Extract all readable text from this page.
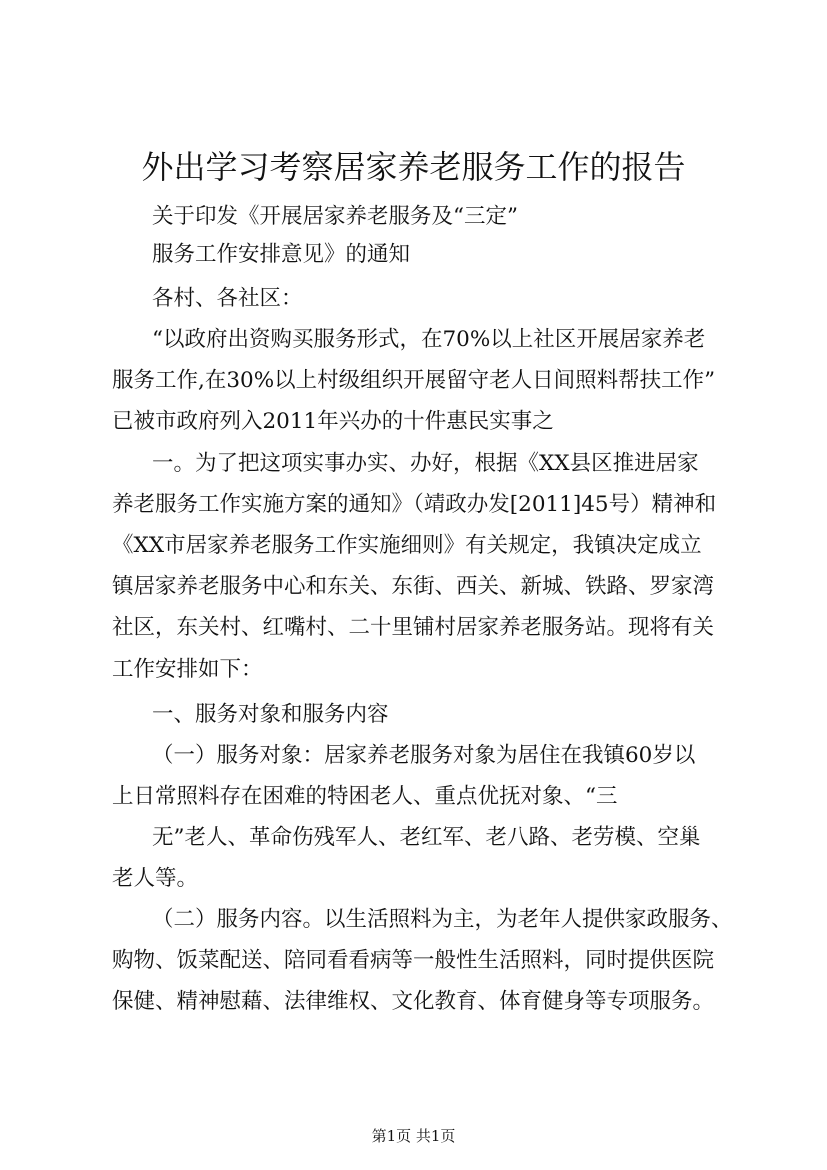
外出学习考察居家养老服务工作的报告
关于印发《开展居家养老服务及“三定”
服务工作安排意见》的通知
各村、各社区：
“以政府出资购买服务形式，在70%以上社区开展居家养老
服务工作,在30%以上村级组织开展留守老人日间照料帮扶工作”
已被市政府列入2011年兴办的十件惠民实事之
一。为了把这项实事办实、办好，根据《XX县区推进居家
养老服务工作实施方案的通知》（靖政办发[2011]45号）精神和
《XX市居家养老服务工作实施细则》有关规定，我镇决定成立
镇居家养老服务中心和东关、东街、西关、新城、铁路、罗家湾
社区，东关村、红嘴村、二十里铺村居家养老服务站。现将有关
工作安排如下：
一、服务对象和服务内容
（一）服务对象：居家养老服务对象为居住在我镇60岁以
上日常照料存在困难的特困老人、重点优抚对象、“三
无”老人、革命伤残军人、老红军、老八路、老劳模、空巢
老人等。
（二）服务内容。以生活照料为主，为老年人提供家政服务、
购物、饭菜配送、陪同看看病等一般性生活照料，同时提供医院
保健、精神慰藉、法律维权、文化教育、体育健身等专项服务。
第1页 共1页
